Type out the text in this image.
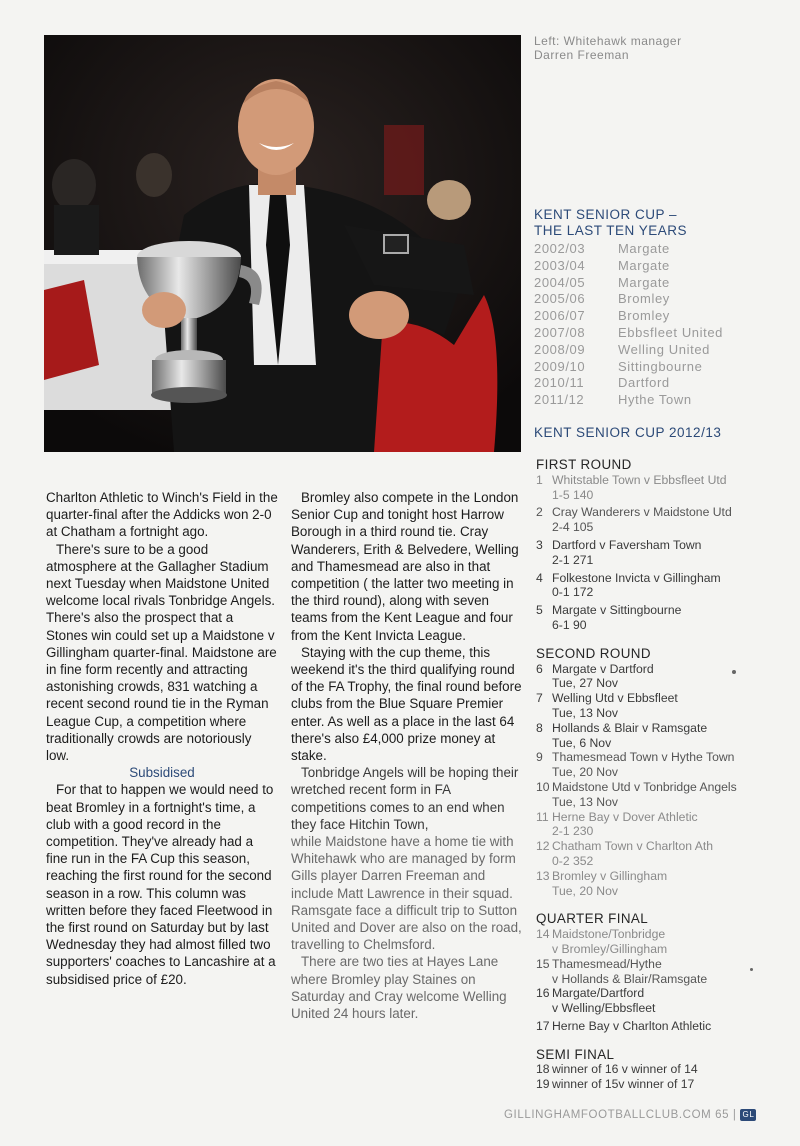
Left: Whitehawk manager
Darren Freeman
KENT SENIOR CUP –
THE LAST TEN YEARS
2002/03	Margate
2003/04	Margate
2004/05	Margate
2005/06	Bromley
2006/07	Bromley
2007/08	Ebbsfleet United
2008/09	Welling United
2009/10	Sittingbourne
2010/11	Dartford
2011/12	Hythe Town
KENT SENIOR CUP 2012/13

Charlton Athletic to Winch's Field in the quarter-final after the Addicks won 2-0 at Chatham a fortnight ago.

There's sure to be a good atmosphere at the Gallagher Stadium next Tuesday when Maidstone United welcome local rivals Tonbridge Angels. There's also the prospect that a Stones win could set up a Maidstone v Gillingham quarter-final. Maidstone are in fine form recently and attracting astonishing crowds, 831 watching a recent second round tie in the Ryman League Cup, a competition where traditionally crowds are notoriously low.

Subsidised

For that to happen we would need to beat Bromley in a fortnight's time, a club with a good record in the competition. They've already had a fine run in the FA Cup this season, reaching the first round for the second season in a row. This column was written before they faced Fleetwood in the first round on Saturday but by last Wednesday they had almost filled two supporters' coaches to Lancashire at a subsidised price of £20.

Bromley also compete in the London Senior Cup and tonight host Harrow Borough in a third round tie. Cray Wanderers, Erith & Belvedere, Welling and Thamesmead are also in that competition ( the latter two meeting in the third round), along with seven teams from the Kent League and four from the Kent Invicta League.

Staying with the cup theme, this weekend it's the third qualifying round of the FA Trophy, the final round before clubs from the Blue Square Premier enter. As well as a place in the last 64 there's also £4,000 prize money at stake.

Tonbridge Angels will be hoping their wretched recent form in FA competitions comes to an end when they face Hitchin Town,

while Maidstone have a home tie with Whitehawk who are managed by form Gills player Darren Freeman and include Matt Lawrence in their squad. Ramsgate face a difficult trip to Sutton United and Dover are also on the road, travelling to Chelmsford.

There are two ties at Hayes Lane where Bromley play Staines on Saturday and Cray welcome Welling United 24 hours later.

FIRST ROUND
1 Whitstable Town v Ebbsfleet Utd
1-5 140
2 Cray Wanderers v Maidstone Utd
2-4 105
3 Dartford v Faversham Town
2-1 271
4 Folkestone Invicta v Gillingham
0-1 172
5 Margate v Sittingbourne
6-1 90
SECOND ROUND
6 Margate v Dartford
Tue, 27 Nov
7 Welling Utd v Ebbsfleet
Tue, 13 Nov
8 Hollands & Blair v Ramsgate
Tue, 6 Nov
9 Thamesmead Town v Hythe Town
Tue, 20 Nov
10 Maidstone Utd v Tonbridge Angels
Tue, 13 Nov
11 Herne Bay v Dover Athletic
2-1 230
12 Chatham Town v Charlton Ath
0-2 352
13 Bromley v Gillingham
Tue, 20 Nov
QUARTER FINAL
14 Maidstone/Tonbridge
v Bromley/Gillingham
15 Thamesmead/Hythe
v Hollands & Blair/Ramsgate
16 Margate/Dartford
v Welling/Ebbsfleet
17 Herne Bay v Charlton Athletic
SEMI FINAL
18 winner of 16 v winner of 14
19 winner of 15v winner of 17
GILLINGHAMFOOTBALLCLUB.COM 65 | GL
